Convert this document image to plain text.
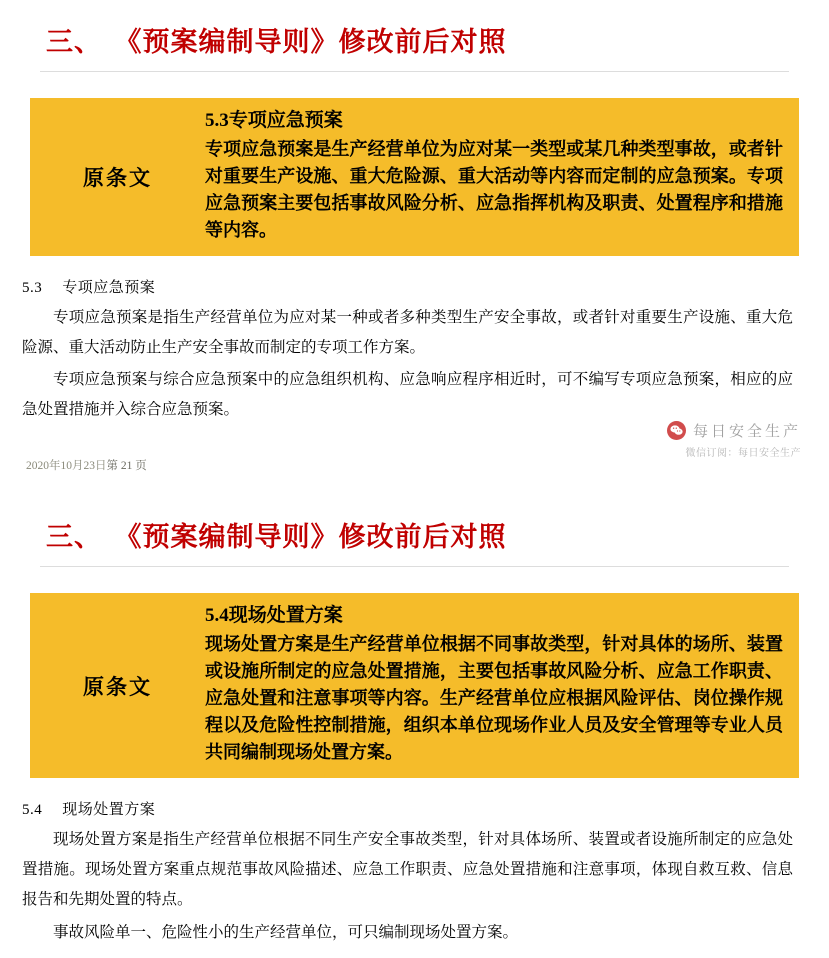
三、 《预案编制导则》修改前后对照
原条文
5.3专项应急预案
专项应急预案是生产经营单位为应对某一类型或某几种类型事故，或者针对重要生产设施、重大危险源、重大活动等内容而定制的应急预案。专项应急预案主要包括事故风险分析、应急指挥机构及职责、处置程序和措施等内容。
5.3 专项应急预案

专项应急预案是指生产经营单位为应对某一种或者多种类型生产安全事故，或者针对重要生产设施、重大危险源、重大活动防止生产安全事故而制定的专项工作方案。

专项应急预案与综合应急预案中的应急组织机构、应急响应程序相近时，可不编写专项应急预案，相应的应急处置措施并入综合应急预案。

2020年10月23日 第 21 页
每日安全生产
微信订阅：每日安全生产
三、 《预案编制导则》修改前后对照
原条文
5.4现场处置方案
现场处置方案是生产经营单位根据不同事故类型，针对具体的场所、装置或设施所制定的应急处置措施，主要包括事故风险分析、应急工作职责、应急处置和注意事项等内容。生产经营单位应根据风险评估、岗位操作规程以及危险性控制措施，组织本单位现场作业人员及安全管理等专业人员共同编制现场处置方案。
5.4 现场处置方案

现场处置方案是指生产经营单位根据不同生产安全事故类型，针对具体场所、装置或者设施所制定的应急处置措施。现场处置方案重点规范事故风险描述、应急工作职责、应急处置措施和注意事项，体现自救互救、信息报告和先期处置的特点。

事故风险单一、危险性小的生产经营单位，可只编制现场处置方案。
